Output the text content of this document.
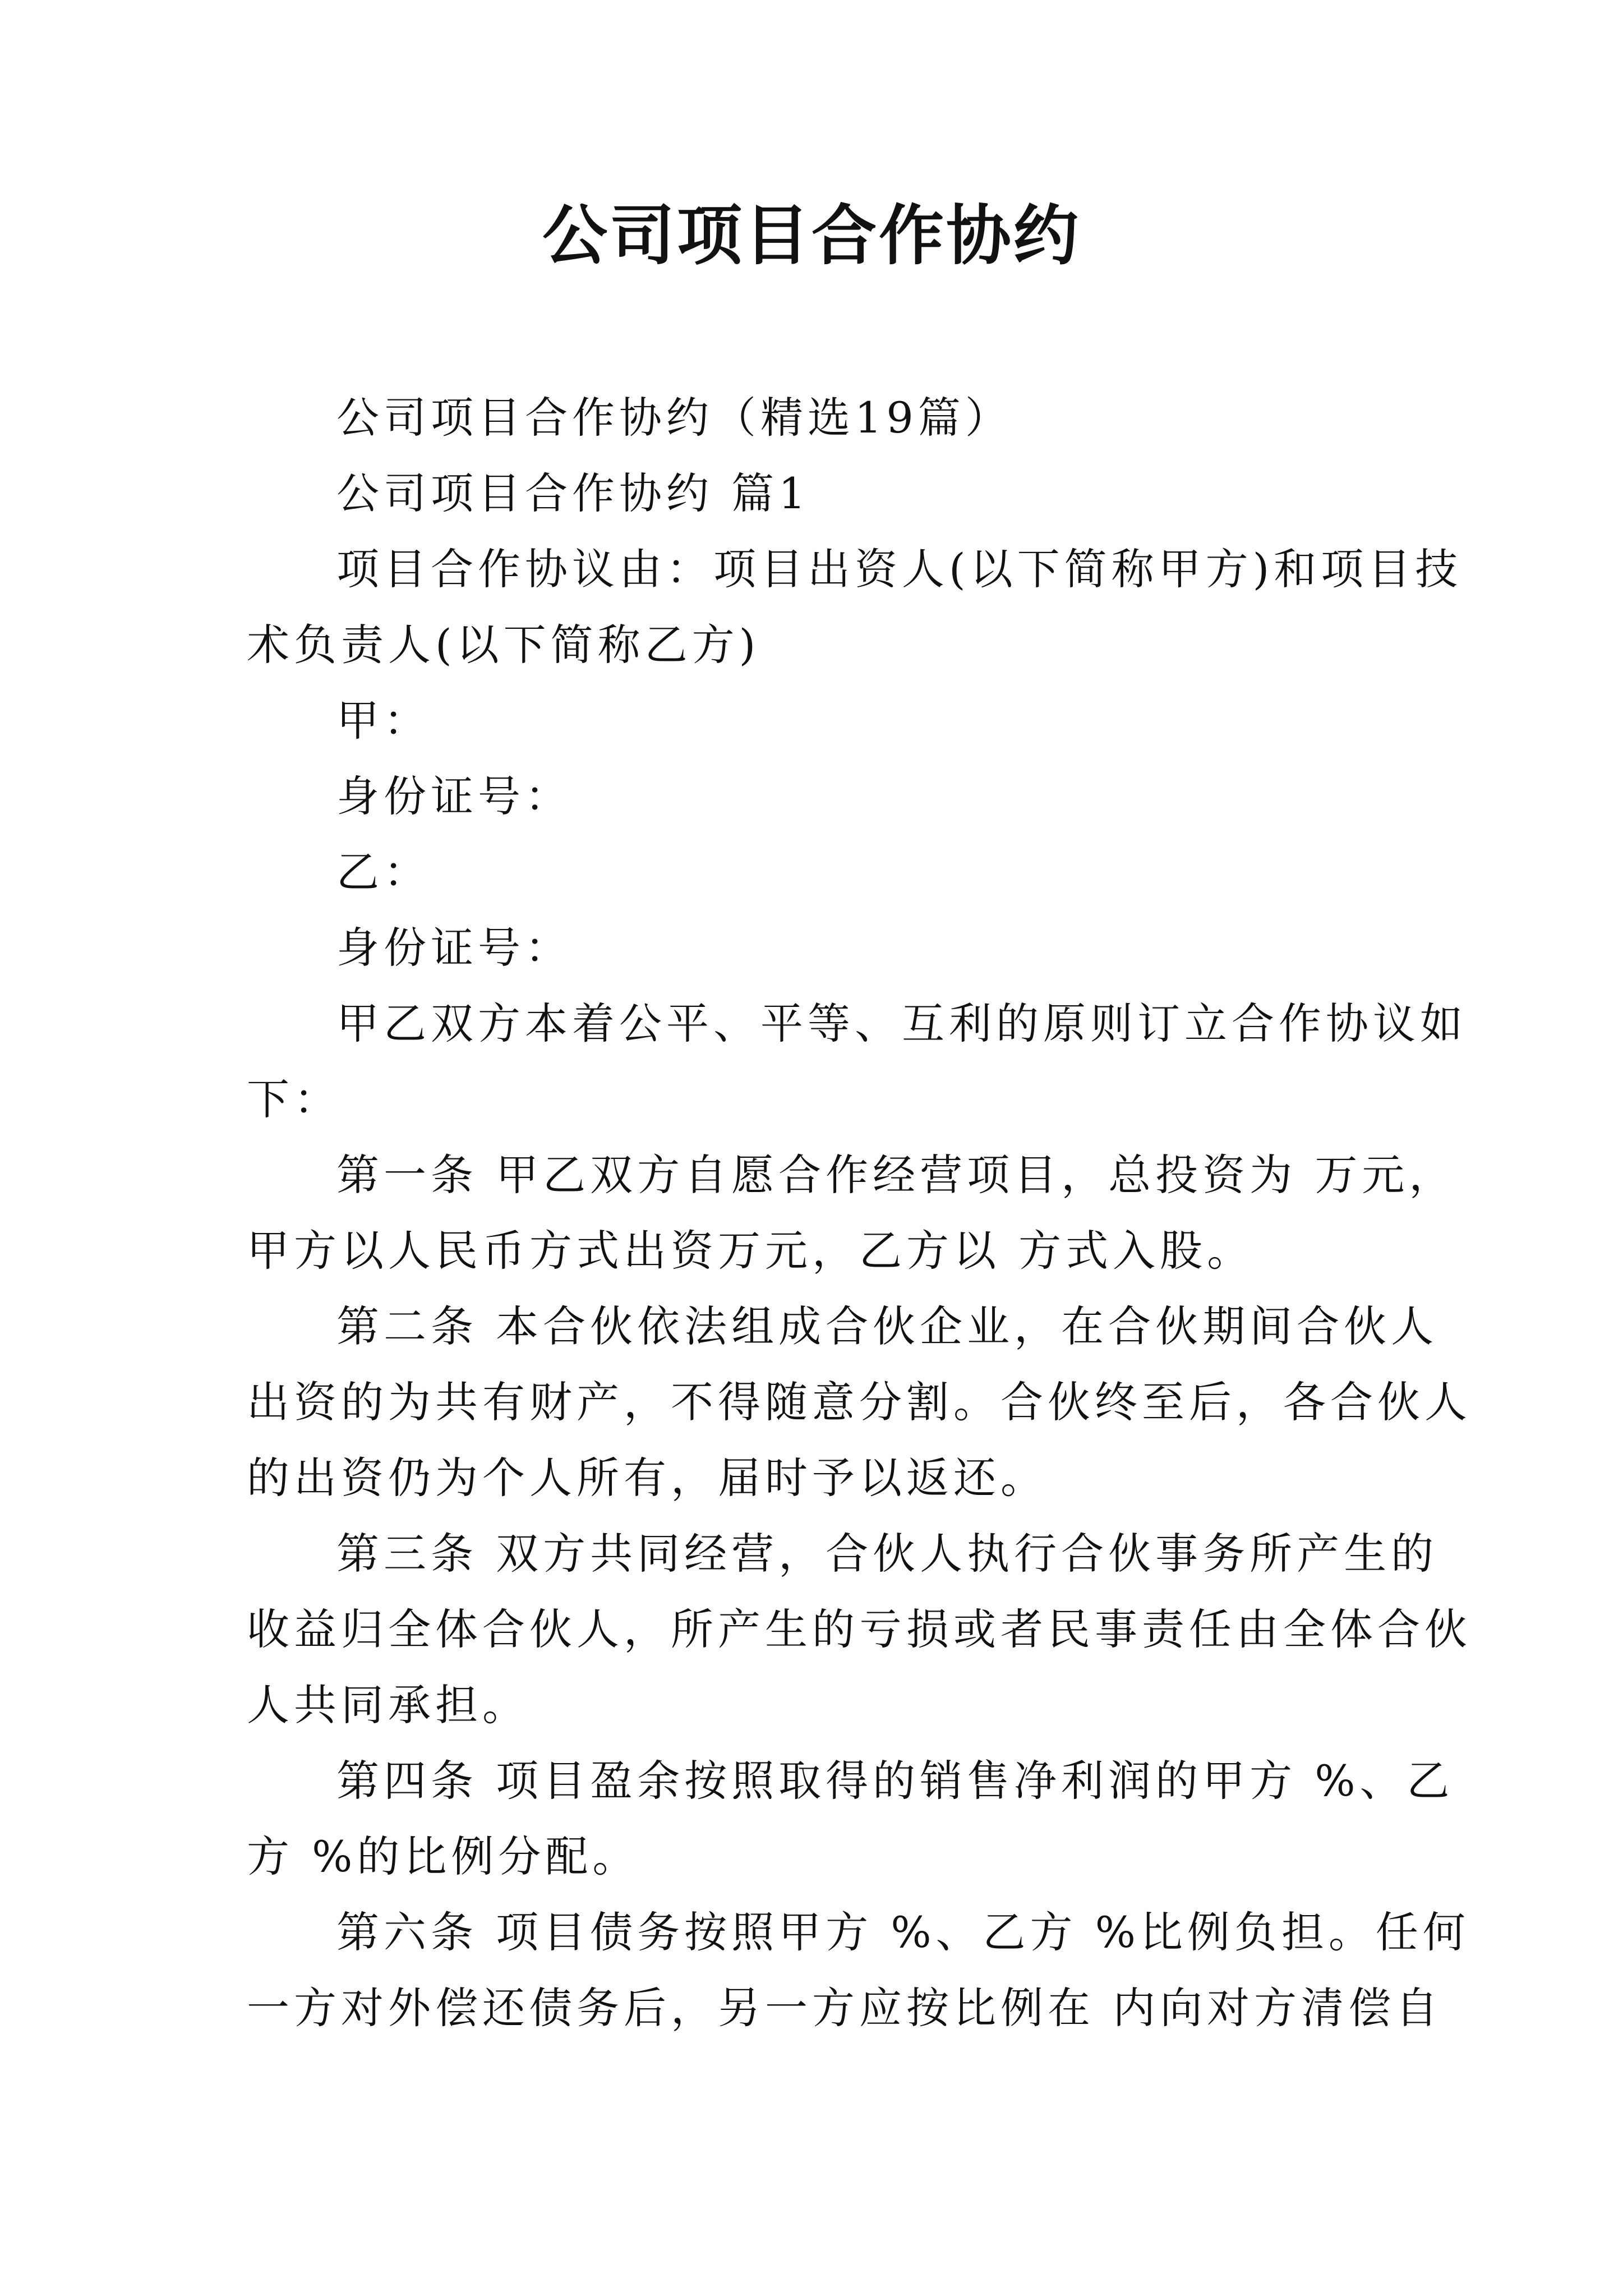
公司项目合作协约
公司项目合作协约（精选19篇）
公司项目合作协约 篇1
项目合作协议由：项目出资人(以下简称甲方)和项目技
术负责人(以下简称乙方)
甲：
身份证号：
乙：
身份证号：
甲乙双方本着公平、平等、互利的原则订立合作协议如
下：
第一条 甲乙双方自愿合作经营项目，总投资为 万元，
甲方以人民币方式出资万元，乙方以 方式入股。
第二条 本合伙依法组成合伙企业，在合伙期间合伙人
出资的为共有财产，不得随意分割。合伙终至后，各合伙人
的出资仍为个人所有，届时予以返还。
第三条 双方共同经营，合伙人执行合伙事务所产生的
收益归全体合伙人，所产生的亏损或者民事责任由全体合伙
人共同承担。
第四条 项目盈余按照取得的销售净利润的甲方 %、乙
方 %的比例分配。
第六条 项目债务按照甲方 %、乙方 %比例负担。任何
一方对外偿还债务后，另一方应按比例在 内向对方清偿自
